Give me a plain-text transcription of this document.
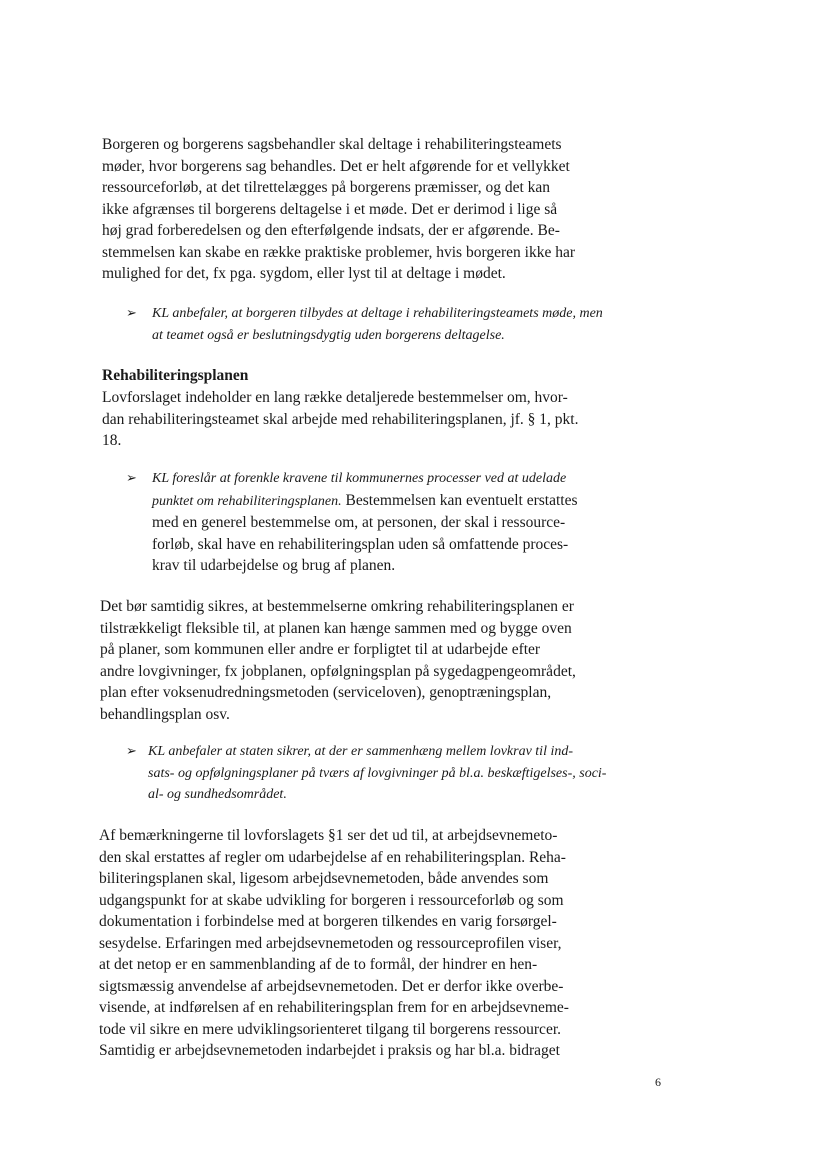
Borgeren og borgerens sagsbehandler skal deltage i rehabiliteringsteamets
møder, hvor borgerens sag behandles. Det er helt afgørende for et vellykket
ressourceforløb, at det tilrettelægges på borgerens præmisser, og det kan
ikke afgrænses til borgerens deltagelse i et møde. Det er derimod i lige så
høj grad forberedelsen og den efterfølgende indsats, der er afgørende. Be-
stemmelsen kan skabe en række praktiske problemer, hvis borgeren ikke har
mulighed for det, fx pga. sygdom, eller lyst til at deltage i mødet.
➢ KL anbefaler, at borgeren tilbydes at deltage i rehabiliteringsteamets møde, men
at teamet også er beslutningsdygtig uden borgerens deltagelse.
Rehabiliteringsplanen
Lovforslaget indeholder en lang række detaljerede bestemmelser om, hvor-
dan rehabiliteringsteamet skal arbejde med rehabiliteringsplanen, jf. § 1, pkt.
18.
➢ KL foreslår at forenkle kravene til kommunernes processer ved at udelade
punktet om rehabiliteringsplanen. Bestemmelsen kan eventuelt erstattes
med en generel bestemmelse om, at personen, der skal i ressource-
forløb, skal have en rehabiliteringsplan uden så omfattende proces-
krav til udarbejdelse og brug af planen.
Det bør samtidig sikres, at bestemmelserne omkring rehabiliteringsplanen er
tilstrækkeligt fleksible til, at planen kan hænge sammen med og bygge oven
på planer, som kommunen eller andre er forpligtet til at udarbejde efter
andre lovgivninger, fx jobplanen, opfølgningsplan på sygedagpengeområdet,
plan efter voksenudredningsmetoden (serviceloven), genoptræningsplan,
behandlingsplan osv.
➢ KL anbefaler at staten sikrer, at der er sammenhæng mellem lovkrav til ind-
sats- og opfølgningsplaner på tværs af lovgivninger på bl.a. beskæftigelses-, soci-
al- og sundhedsområdet.
Af bemærkningerne til lovforslagets §1 ser det ud til, at arbejdsevnemeto-
den skal erstattes af regler om udarbejdelse af en rehabiliteringsplan. Reha-
biliteringsplanen skal, ligesom arbejdsevnemetoden, både anvendes som
udgangspunkt for at skabe udvikling for borgeren i ressourceforløb og som
dokumentation i forbindelse med at borgeren tilkendes en varig forsørgel-
sesydelse. Erfaringen med arbejdsevnemetoden og ressourceprofilen viser,
at det netop er en sammenblanding af de to formål, der hindrer en hen-
sigtsmæssig anvendelse af arbejdsevnemetoden. Det er derfor ikke overbe-
visende, at indførelsen af en rehabiliteringsplan frem for en arbejdsevneme-
tode vil sikre en mere udviklingsorienteret tilgang til borgerens ressourcer.
Samtidig er arbejdsevnemetoden indarbejdet i praksis og har bl.a. bidraget
6
